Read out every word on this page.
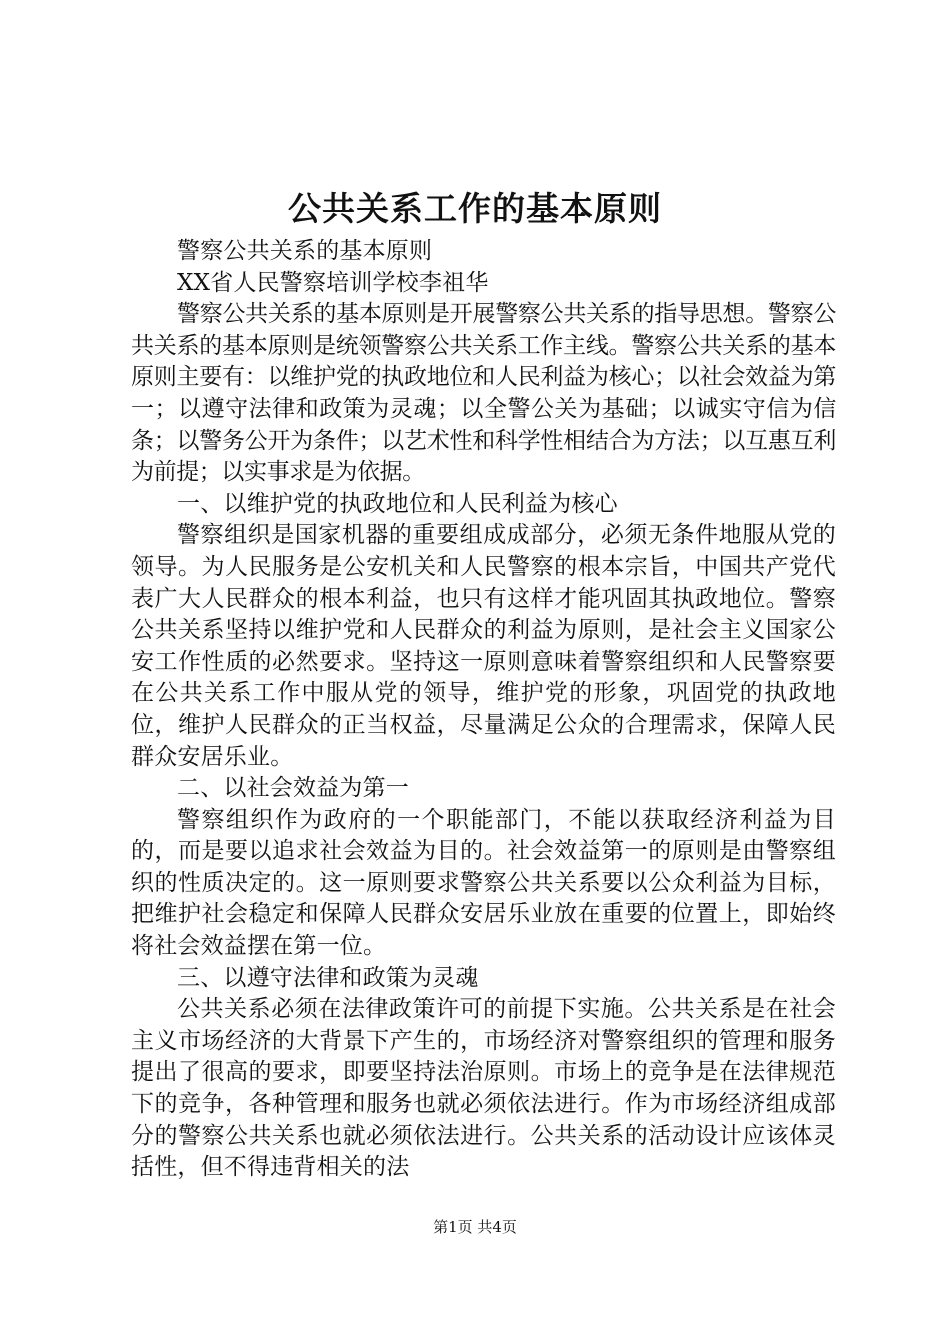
公共关系工作的基本原则

警察公共关系的基本原则

XX省人民警察培训学校李祖华

警察公共关系的基本原则是开展警察公共关系的指导思想。警察公共关系的基本原则是统领警察公共关系工作主线。警察公共关系的基本原则主要有：以维护党的执政地位和人民利益为核心；以社会效益为第一；以遵守法律和政策为灵魂；以全警公关为基础；以诚实守信为信条；以警务公开为条件；以艺术性和科学性相结合为方法；以互惠互利为前提；以实事求是为依据。

一、以维护党的执政地位和人民利益为核心

警察组织是国家机器的重要组成成部分，必须无条件地服从党的领导。为人民服务是公安机关和人民警察的根本宗旨，中国共产党代表广大人民群众的根本利益，也只有这样才能巩固其执政地位。警察公共关系坚持以维护党和人民群众的利益为原则，是社会主义国家公安工作性质的必然要求。坚持这一原则意味着警察组织和人民警察要在公共关系工作中服从党的领导，维护党的形象，巩固党的执政地位，维护人民群众的正当权益，尽量满足公众的合理需求，保障人民群众安居乐业。

二、以社会效益为第一

警察组织作为政府的一个职能部门，不能以获取经济利益为目的，而是要以追求社会效益为目的。社会效益第一的原则是由警察组织的性质决定的。这一原则要求警察公共关系要以公众利益为目标，把维护社会稳定和保障人民群众安居乐业放在重要的位置上，即始终将社会效益摆在第一位。

三、以遵守法律和政策为灵魂

公共关系必须在法律政策许可的前提下实施。公共关系是在社会主义市场经济的大背景下产生的，市场经济对警察组织的管理和服务提出了很高的要求，即要坚持法治原则。市场上的竞争是在法律规范下的竞争，各种管理和服务也就必须依法进行。作为市场经济组成部分的警察公共关系也就必须依法进行。公共关系的活动设计应该体灵括性，但不得违背相关的法

第1页 共4页
